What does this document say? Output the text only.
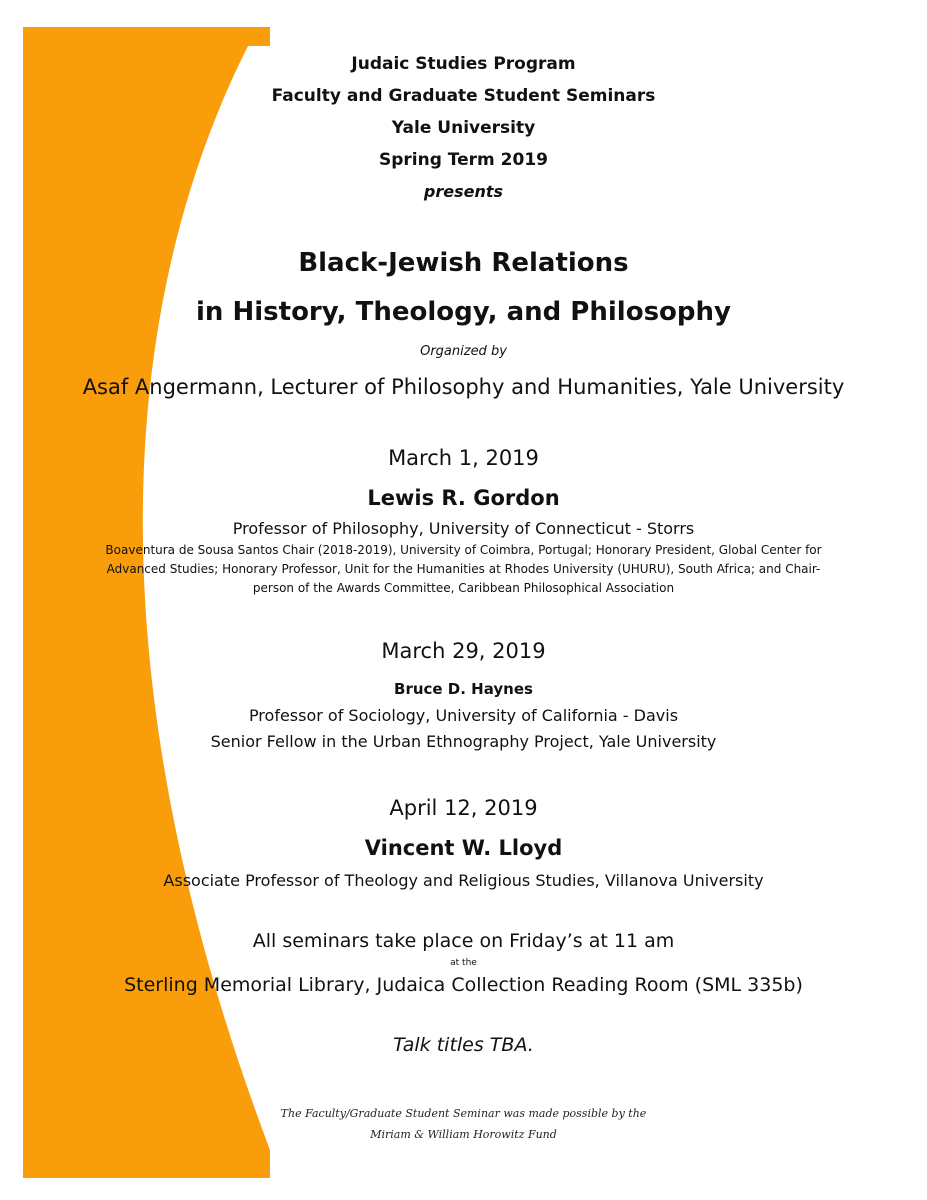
Judaic Studies Program
Faculty and Graduate Student Seminars
Yale University
Spring Term 2019
presents
Black-Jewish Relations
in History, Theology, and Philosophy
Organized by
Asaf Angermann, Lecturer of Philosophy and Humanities, Yale University
March 1, 2019
Lewis R. Gordon
Professor of Philosophy, University of Connecticut - Storrs
Boaventura de Sousa Santos Chair (2018-2019), University of Coimbra, Portugal; Honorary President, Global Center for
Advanced Studies; Honorary Professor, Unit for the Humanities at Rhodes University (UHURU), South Africa; and Chair-
person of the Awards Committee, Caribbean Philosophical Association
March 29, 2019
Bruce D. Haynes
Professor of Sociology, University of California - Davis
Senior Fellow in the Urban Ethnography Project, Yale University
April 12, 2019
Vincent W. Lloyd
Associate Professor of Theology and Religious Studies, Villanova University
All seminars take place on Friday’s at 11 am
at the
Sterling Memorial Library, Judaica Collection Reading Room (SML 335b)
Talk titles TBA.
The Faculty/Graduate Student Seminar was made possible by the
Miriam & William Horowitz Fund
